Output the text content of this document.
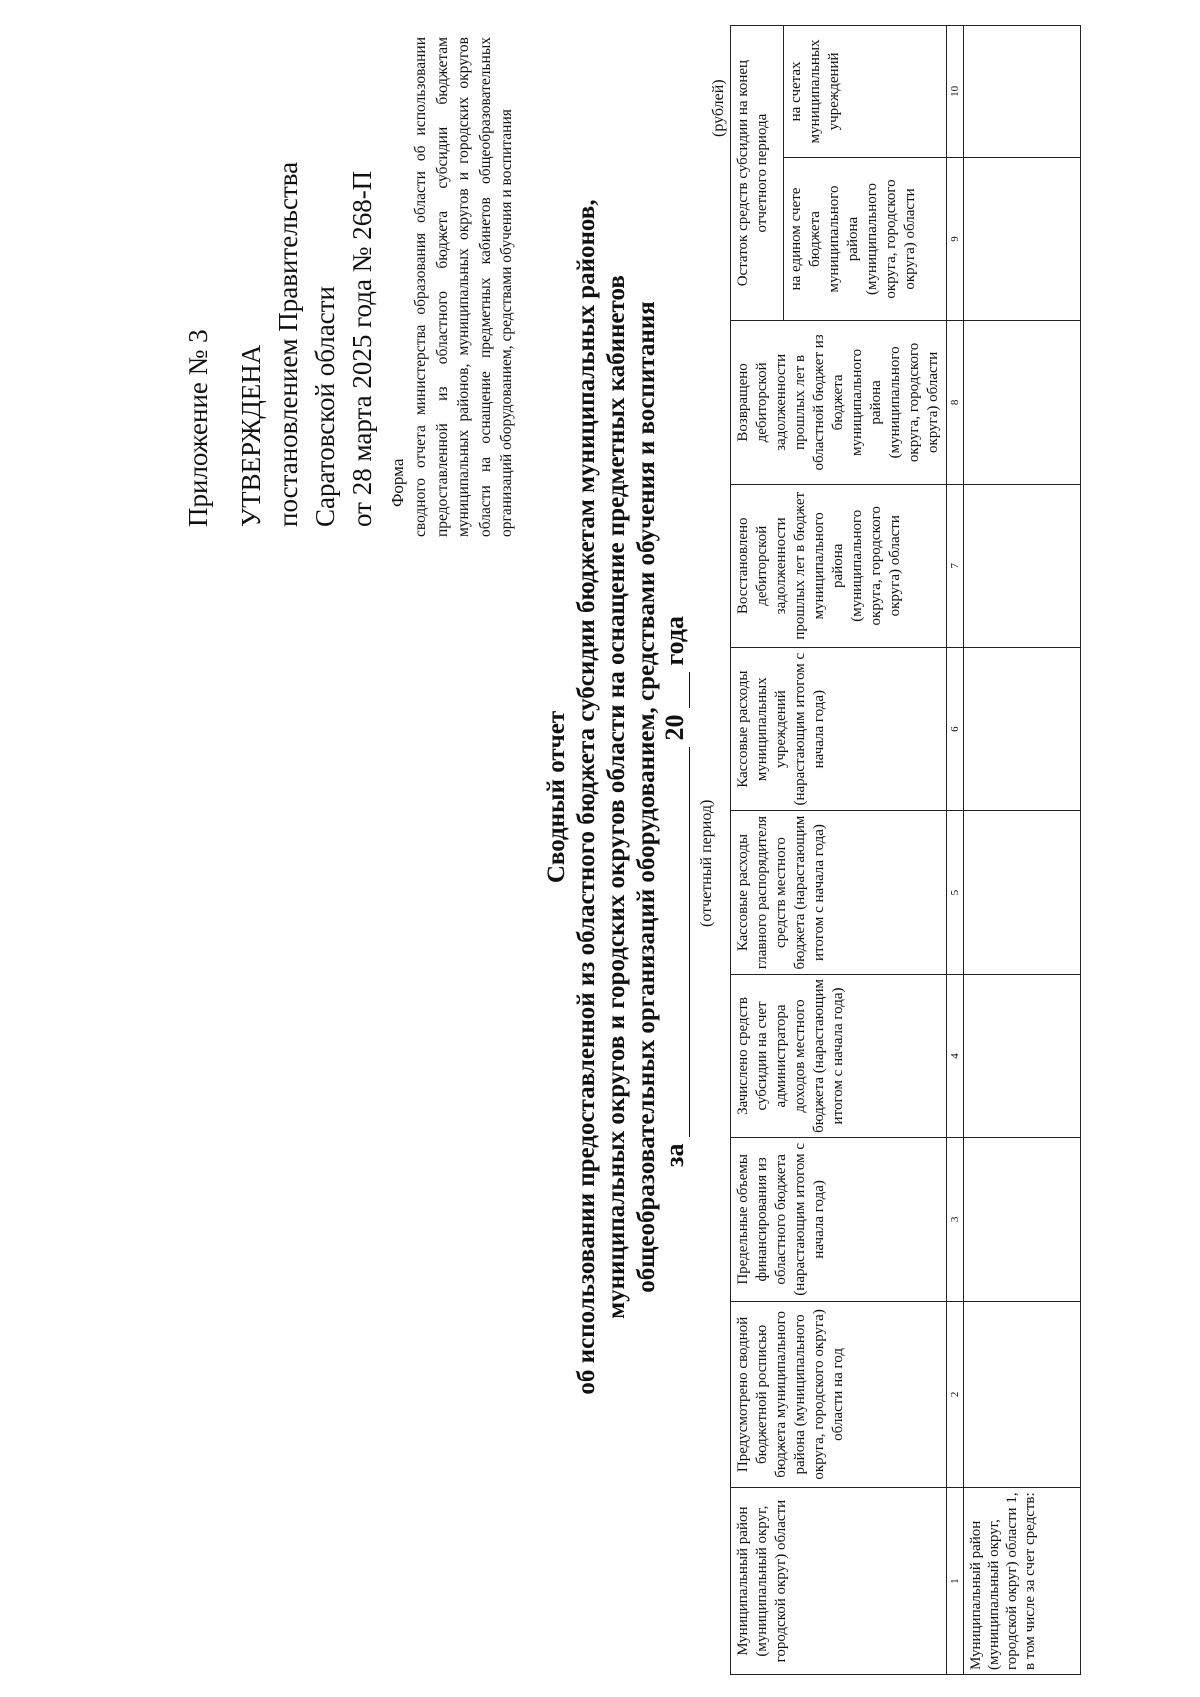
Приложение № 3 УТВЕРЖДЕНА постановлением Правительства Саратовской области от 28 марта 2025 года № 268-П Форма сводного отчета министерства образования области об использовании предоставленной из областного бюджета субсидии бюджетам муниципальных районов, муниципальных округов и городских округов области на оснащение предметных кабинетов общеобразовательных организаций оборудованием, средствами обучения и воспитания
Сводный отчет об использовании предоставленной из областного бюджета субсидии бюджетам муниципальных районов, муниципальных округов и городских округов области на оснащение предметных кабинетов общеобразовательных организаций оборудованием, средствами обучения и воспитания за  20  года
(отчетный период)
(рублей)
Муниципальный район (муниципальный округ, городской округ) области	Предусмотрено сводной бюджетной росписью бюджета муниципального района (муниципального округа, городского округа) области на год	Предельные объемы финансирования из областного бюджета (нарастающим итогом с начала года)	Зачислено средств субсидии на счет администратора доходов местного бюджета (нарастающим итогом с начала года)	Кассовые расходы главного распорядителя средств местного бюджета (нарастающим итогом с начала года)	Кассовые расходы муниципальных учреждений (нарастающим итогом с начала года)	Восстановлено дебиторской задолженности прошлых лет в бюджет муниципального района (муниципального округа, городского округа) области	Возвращено дебиторской задолженности прошлых лет в областной бюджет из бюджета муниципального района (муниципального округа, городского округа) области	Остаток средств субсидии на конец отчетного периода	
								на едином счете бюджета муниципального района (муниципального округа, городского округа) области	на счетах муниципальных учреждений
1	2	3	4	5	6	7	8	9	10
Муниципальный район (муниципальный округ, городской округ) области 1, в том числе за счет средств:									
